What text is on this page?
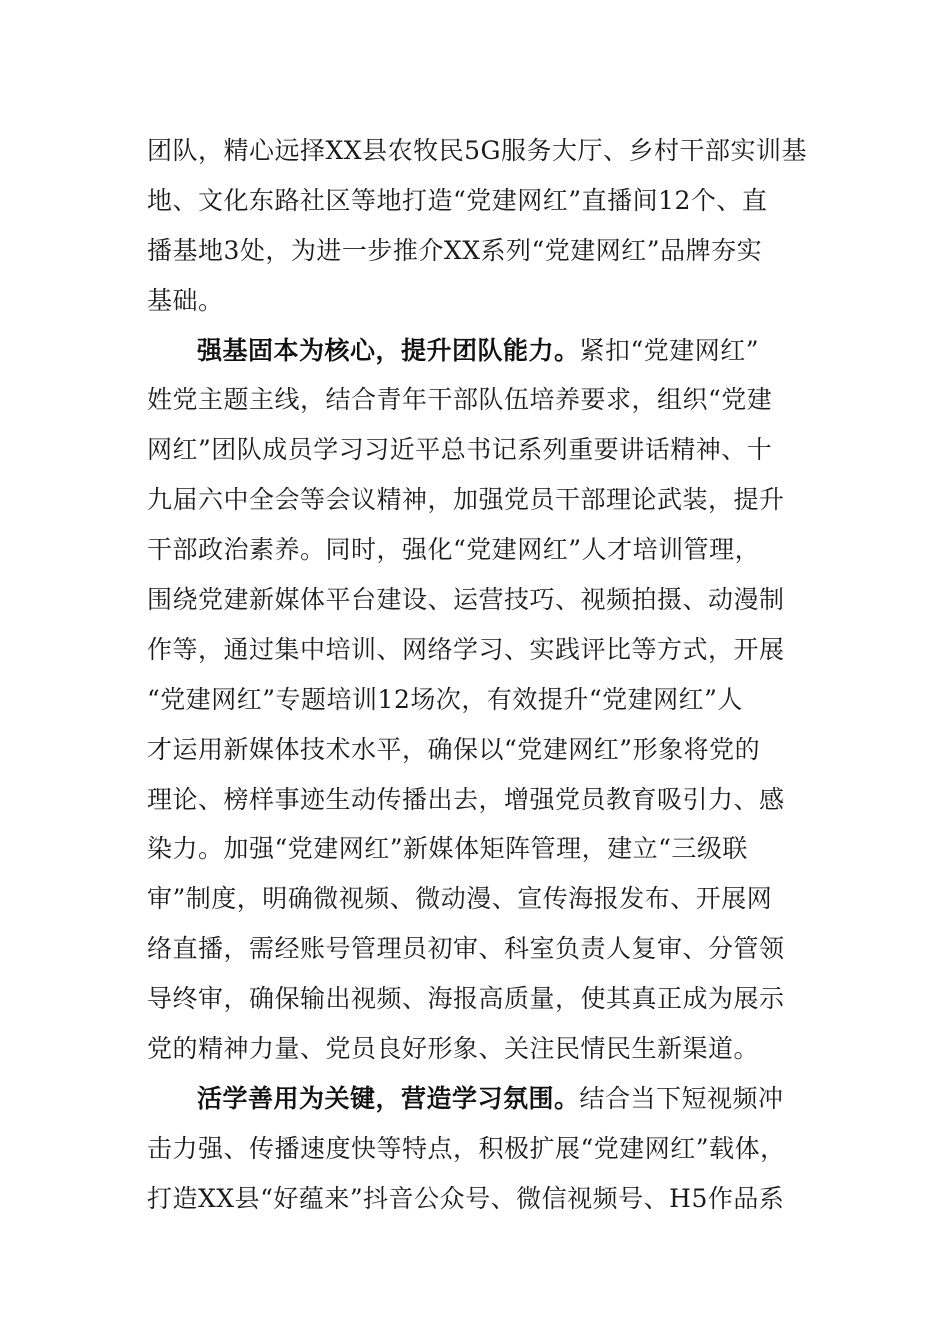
团队，精心远择XX县农牧民5G服务大厅、乡村干部实训基
地、文化东路社区等地打造“党建网红”直播间12个、直
播基地3处，为进一步推介XX系列“党建网红”品牌夯实
基础。
强基固本为核心，提升团队能力。紧扣“党建网红”
姓党主题主线，结合青年干部队伍培养要求，组织“党建
网红”团队成员学习习近平总书记系列重要讲话精神、十
九届六中全会等会议精神，加强党员干部理论武装，提升
干部政治素养。同时，强化“党建网红”人才培训管理，
围绕党建新媒体平台建设、运营技巧、视频拍摄、动漫制
作等，通过集中培训、网络学习、实践评比等方式，开展
“党建网红”专题培训12场次，有效提升“党建网红”人
才运用新媒体技术水平，确保以“党建网红”形象将党的
理论、榜样事迹生动传播出去，增强党员教育吸引力、感
染力。加强“党建网红”新媒体矩阵管理，建立“三级联
审”制度，明确微视频、微动漫、宣传海报发布、开展网
络直播，需经账号管理员初审、科室负责人复审、分管领
导终审，确保输出视频、海报高质量，使其真正成为展示
党的精神力量、党员良好形象、关注民情民生新渠道。
活学善用为关键，营造学习氛围。结合当下短视频冲
击力强、传播速度快等特点，积极扩展“党建网红”载体，
打造XX县“好蕴来”抖音公众号、微信视频号、H5作品系
